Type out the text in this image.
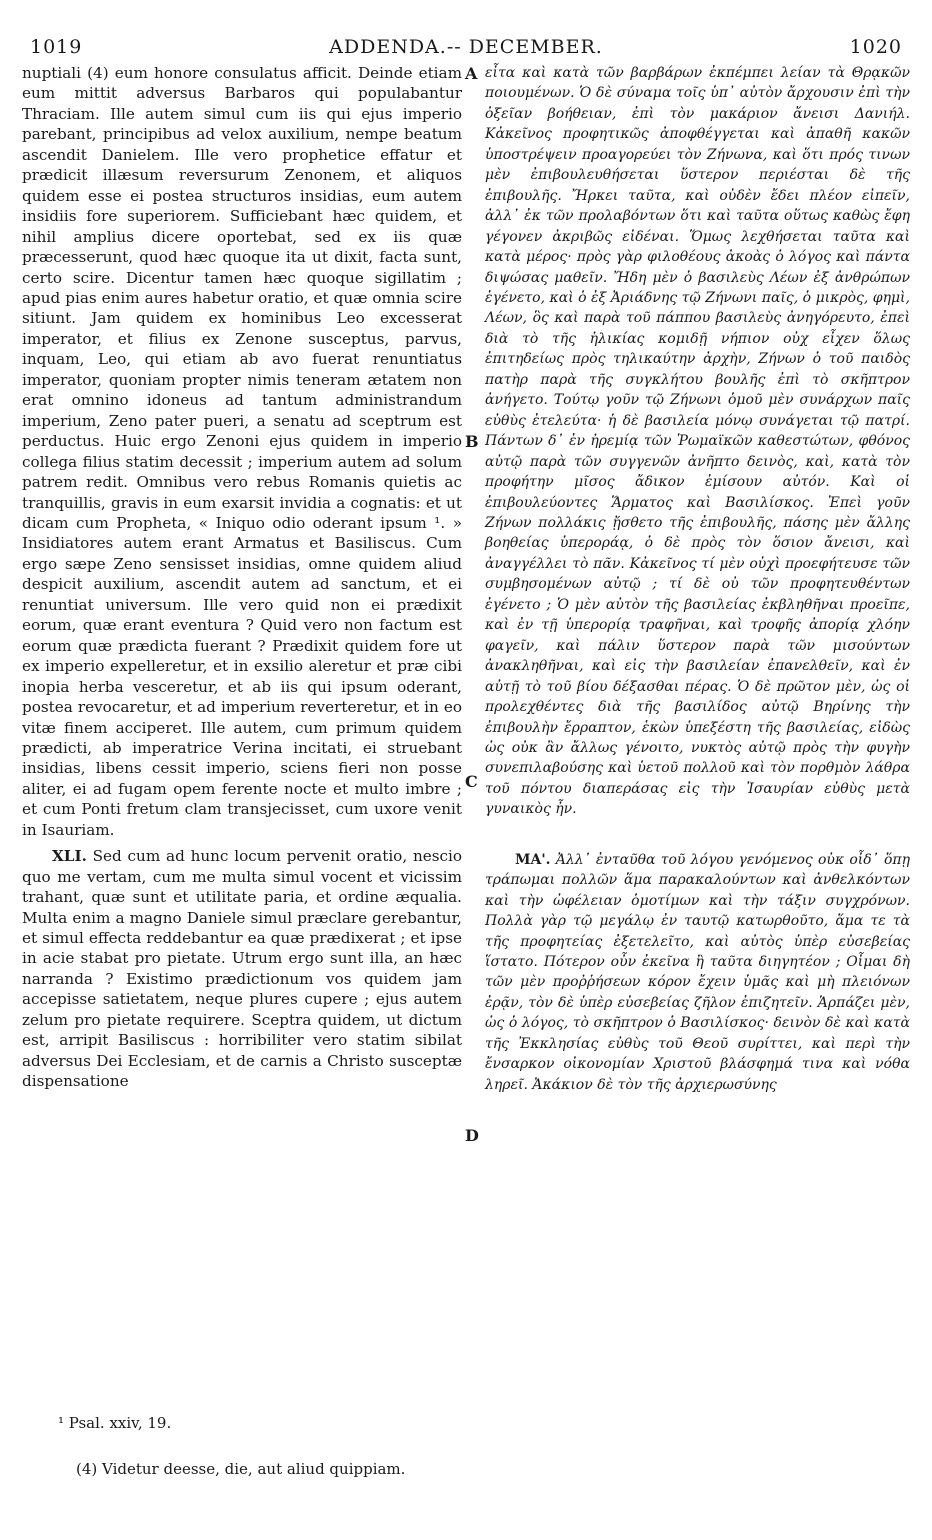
1019	ADDENDA.-- DECEMBER.	1020

nuptiali (4) eum honore consulatus afficit. Deinde etiam eum mittit adversus Barbaros qui populabantur Thraciam. Ille autem simul cum iis qui ejus imperio parebant, principibus ad velox auxilium, nempe beatum ascendit Danielem. Ille vero prophetice effatur et prædicit illæsum reversurum Zenonem, et aliquos quidem esse ei postea structuros insidias, eum autem insidiis fore superiorem. Sufficiebant hæc quidem, et nihil amplius dicere oportebat, sed ex iis quæ præcesserunt, quod hæc quoque ita ut dixit, facta sunt, certo scire. Dicentur tamen hæc quoque sigillatim ; apud pias enim aures habetur oratio, et quæ omnia scire sitiunt. Jam quidem ex hominibus Leo excesserat imperator, et filius ex Zenone susceptus, parvus, inquam, Leo, qui etiam ab avo fuerat renuntiatus imperator, quoniam propter nimis teneram ætatem non erat omnino idoneus ad tantum administrandum imperium, Zeno pater pueri, a senatu ad sceptrum est perductus. Huic ergo Zenoni ejus quidem in imperio collega filius statim decessit ; imperium autem ad solum patrem redit. Omnibus vero rebus Romanis quietis ac tranquillis, gravis in eum exarsit invidia a cognatis: et ut dicam cum Propheta, « Iniquo odio oderant ipsum ¹. » Insidiatores autem erant Armatus et Basiliscus. Cum ergo sæpe Zeno sensisset insidias, omne quidem aliud despicit auxilium, ascendit autem ad sanctum, et ei renuntiat universum. Ille vero quid non ei prædixit eorum, quæ erant eventura ? Quid vero non factum est eorum quæ prædicta fuerant ? Prædixit quidem fore ut ex imperio expelleretur, et in exsilio aleretur et præ cibi inopia herba vesceretur, et ab iis qui ipsum oderant, postea revocaretur, et ad imperium reverteretur, et in eo vitæ finem acciperet. Ille autem, cum primum quidem prædicti, ab imperatrice Verina incitati, ei struebant insidias, libens cessit imperio, sciens fieri non posse aliter, ei ad fugam opem ferente nocte et multo imbre ; et cum Ponti fretum clam transjecisset, cum uxore venit in Isauriam.

XLI. Sed cum ad hunc locum pervenit oratio, nescio quo me vertam, cum me multa simul vocent et vicissim trahant, quæ sunt et utilitate paria, et ordine æqualia. Multa enim a magno Daniele simul præclare gerebantur, et simul effecta reddebantur ea quæ prædixerat ; et ipse in acie stabat pro pietate. Utrum ergo sunt illa, an hæc narranda ? Existimo prædictionum vos quidem jam accepisse satietatem, neque plures cupere ; ejus autem zelum pro pietate requirere. Sceptra quidem, ut dictum est, arripit Basiliscus : horribiliter vero statim sibilat adversus Dei Ecclesiam, et de carnis a Christo susceptæ dispensatione

εἶτα καὶ κατὰ τῶν βαρβάρων ἐκπέμπει λείαν τὰ Θρᾳκῶν ποιουμένων. Ὁ δὲ σύναμα τοῖς ὑπ᾽ αὐτὸν ἄρχουσιν ἐπὶ τὴν ὀξεῖαν βοήθειαν, ἐπὶ τὸν μακάριον ἄνεισι Δανιήλ. Κἀκεῖνος προφητικῶς ἀποφθέγγεται καὶ ἀπαθῆ κακῶν ὑποστρέψειν προαγορεύει τὸν Ζήνωνα, καὶ ὅτι πρός τινων μὲν ἐπιβουλευθήσεται ὕστερον περιέσται δὲ τῆς ἐπιβουλῆς. Ἤρκει ταῦτα, καὶ οὐδὲν ἔδει πλέον εἰπεῖν, ἀλλ᾽ ἐκ τῶν προλαβόντων ὅτι καὶ ταῦτα οὕτως καθὼς ἔφη γέγονεν ἀκριβῶς εἰδέναι. Ὅμως λεχθήσεται ταῦτα καὶ κατὰ μέρος· πρὸς γὰρ φιλοθέους ἀκοὰς ὁ λόγος καὶ πάντα διψώσας μαθεῖν. Ἤδη μὲν ὁ βασιλεὺς Λέων ἐξ ἀνθρώπων ἐγένετο, καὶ ὁ ἐξ Ἀριάδνης τῷ Ζήνωνι παῖς, ὁ μικρὸς, φημὶ, Λέων, ὃς καὶ παρὰ τοῦ πάππου βασιλεὺς ἀνηγόρευτο, ἐπεὶ διὰ τὸ τῆς ἡλικίας κομιδῇ νήπιον οὐχ εἶχεν ὅλως ἐπιτηδείως πρὸς τηλικαύτην ἀρχὴν, Ζήνων ὁ τοῦ παιδὸς πατὴρ παρὰ τῆς συγκλήτου βουλῆς ἐπὶ τὸ σκῆπτρον ἀνήγετο. Τούτῳ γοῦν τῷ Ζήνωνι ὁμοῦ μὲν συνάρχων παῖς εὐθὺς ἐτελεύτα· ἡ δὲ βασιλεία μόνῳ συνάγεται τῷ πατρί. Πάντων δ᾽ ἐν ἠρεμίᾳ τῶν Ῥωμαϊκῶν καθεστώτων, φθόνος αὐτῷ παρὰ τῶν συγγενῶν ἀνῆπτο δεινὸς, καὶ, κατὰ τὸν προφήτην μῖσος ἄδικον ἐμίσουν αὐτόν. Καὶ οἱ ἐπιβουλεύοντες Ἅρματος καὶ Βασιλίσκος. Ἐπεὶ γοῦν Ζήνων πολλάκις ᾔσθετο τῆς ἐπιβουλῆς, πάσης μὲν ἄλλης βοηθείας ὑπεροράᾳ, ὁ δὲ πρὸς τὸν ὅσιον ἄνεισι, καὶ ἀναγγέλλει τὸ πᾶν. Κἀκεῖνος τί μὲν οὐχὶ προεφήτευσε τῶν συμβησομένων αὐτῷ ; τί δὲ οὐ τῶν προφητευθέντων ἐγένετο ; Ὁ μὲν αὐτὸν τῆς βασιλείας ἐκβληθῆναι προεῖπε, καὶ ἐν τῇ ὑπερορίᾳ τραφῆναι, καὶ τροφῆς ἀπορίᾳ χλόην φαγεῖν, καὶ πάλιν ὕστερον παρὰ τῶν μισούντων ἀνακληθῆναι, καὶ εἰς τὴν βασιλείαν ἐπανελθεῖν, καὶ ἐν αὐτῇ τὸ τοῦ βίου δέξασθαι πέρας. Ὁ δὲ πρῶτον μὲν, ὡς οἱ προλεχθέντες διὰ τῆς βασιλίδος αὐτῷ Βηρίνης τὴν ἐπιβουλὴν ἔρραπτον, ἑκὼν ὑπεξέστη τῆς βασιλείας, εἰδὼς ὡς οὐκ ἂν ἄλλως γένοιτο, νυκτὸς αὐτῷ πρὸς τὴν φυγὴν συνεπιλαβούσης καὶ ὑετοῦ πολλοῦ καὶ τὸν πορθμὸν λάθρα τοῦ πόντου διαπεράσας εἰς τὴν Ἰσαυρίαν εὐθὺς μετὰ γυναικὸς ἦν.

ΜΑ'. Ἀλλ᾽ ἐνταῦθα τοῦ λόγου γενόμενος οὐκ οἶδ᾽ ὅπῃ τράπωμαι πολλῶν ἅμα παρακαλούντων καὶ ἀνθελκόντων καὶ τὴν ὠφέλειαν ὁμοτίμων καὶ τὴν τάξιν συγχρόνων. Πολλὰ γὰρ τῷ μεγάλῳ ἐν ταυτῷ κατωρθοῦτο, ἅμα τε τὰ τῆς προφητείας ἐξετελεῖτο, καὶ αὐτὸς ὑπὲρ εὐσεβείας ἵστατο. Πότερον οὖν ἐκεῖνα ἢ ταῦτα διηγητέον ; Οἶμαι δὴ τῶν μὲν προῤῥήσεων κόρον ἔχειν ὑμᾶς καὶ μὴ πλειόνων ἐρᾷν, τὸν δὲ ὑπὲρ εὐσεβείας ζῆλον ἐπιζητεῖν. Ἁρπάζει μὲν, ὡς ὁ λόγος, τὸ σκῆπτρον ὁ Βασιλίσκος· δεινὸν δὲ καὶ κατὰ τῆς Ἐκκλησίας εὐθὺς τοῦ Θεοῦ συρίττει, καὶ περὶ τὴν ἔνσαρκον οἰκονομίαν Χριστοῦ βλάσφημά τινα καὶ νόθα ληρεῖ. Ἀκάκιον δὲ τὸν τῆς ἀρχιερωσύνης

A
B
C
D
¹ Psal. xxiv, 19.
(4) Videtur deesse, die, aut aliud quippiam.
